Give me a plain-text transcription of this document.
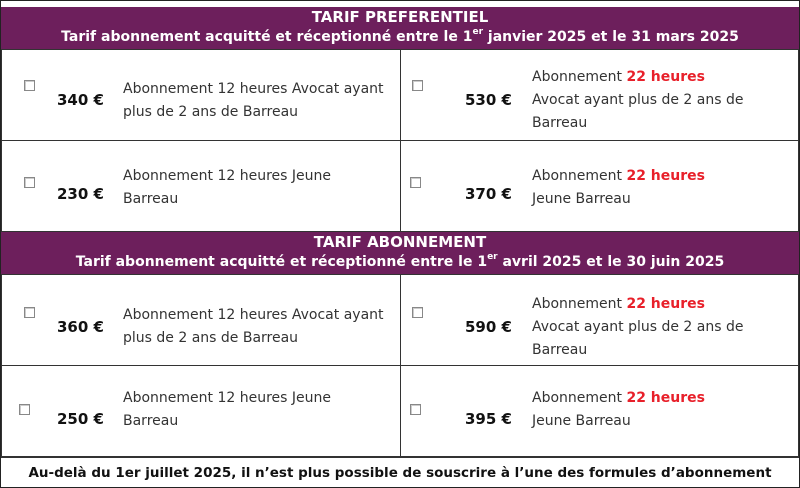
TARIF PREFERENTIEL
Tarif abonnement acquitté et réceptionné entre le 1er janvier 2025 et le 31 mars 2025
340 €
Abonnement 12 heures Avocat ayant
plus de 2 ans de Barreau
530 €
Abonnement 22 heures
Avocat ayant plus de 2 ans de
Barreau
230 €
Abonnement 12 heures Jeune
Barreau	370 €
Abonnement 22 heures
Jeune Barreau
TARIF ABONNEMENT
Tarif abonnement acquitté et réceptionné entre le 1er avril 2025 et le 30 juin 2025
360 €
Abonnement 12 heures Avocat ayant
plus de 2 ans de Barreau
590 €
Abonnement 22 heures
Avocat ayant plus de 2 ans de
Barreau
250 €
Abonnement 12 heures Jeune
Barreau	395 €
Abonnement 22 heures
Jeune Barreau
Au-delà du 1er juillet 2025, il n’est plus possible de souscrire à l’une des formules d’abonnement
